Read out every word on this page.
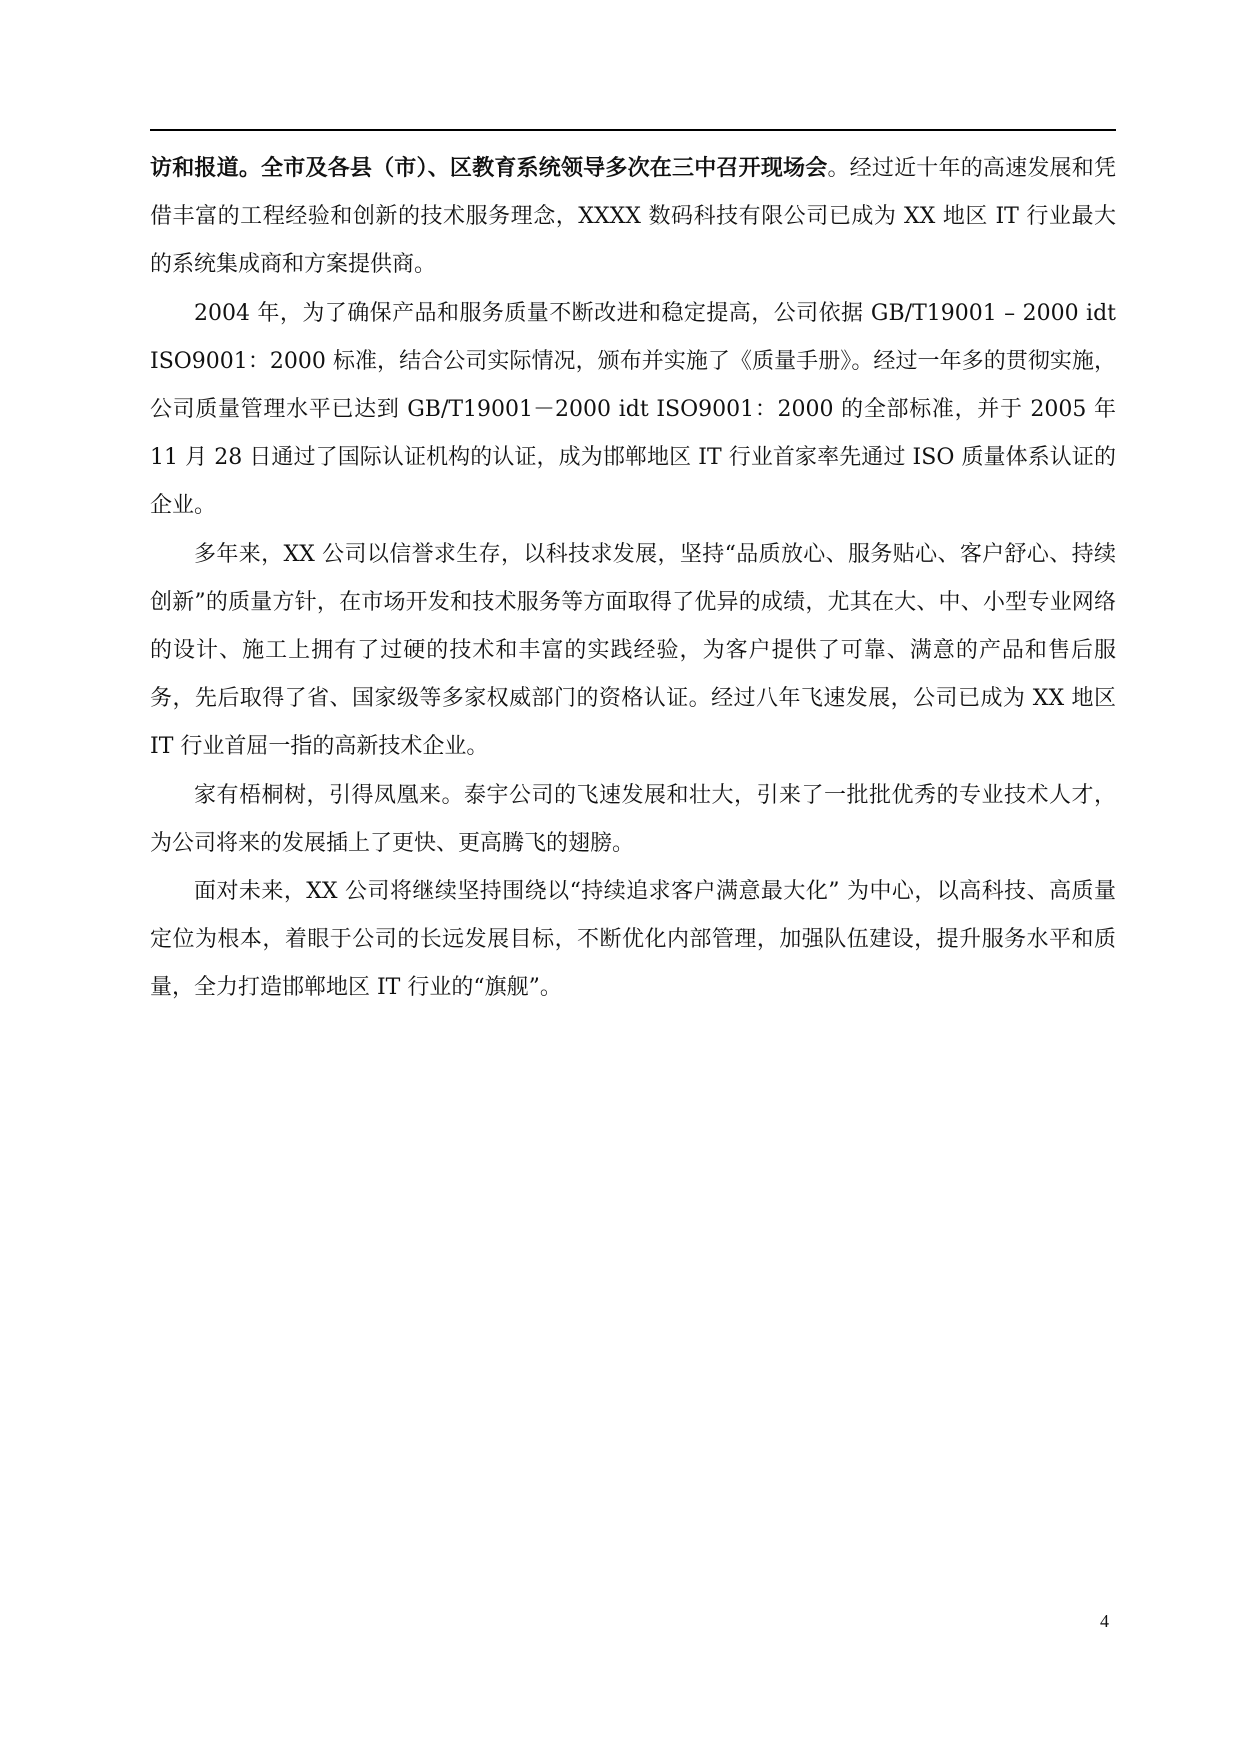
访和报道。全市及各县（市）、区教育系统领导多次在三中召开现场会。经过近十年的高速发展和凭借丰富的工程经验和创新的技术服务理念，XXXX 数码科技有限公司已成为 XX 地区 IT 行业最大的系统集成商和方案提供商。

2004 年，为了确保产品和服务质量不断改进和稳定提高，公司依据 GB/T19001 – 2000 idt ISO9001：2000 标准，结合公司实际情况，颁布并实施了《质量手册》。经过一年多的贯彻实施，公司质量管理水平已达到 GB/T19001－2000 idt ISO9001：2000 的全部标准，并于 2005 年 11 月 28 日通过了国际认证机构的认证，成为邯郸地区 IT 行业首家率先通过 ISO 质量体系认证的企业。

多年来，XX 公司以信誉求生存，以科技求发展，坚持“品质放心、服务贴心、客户舒心、持续创新”的质量方针，在市场开发和技术服务等方面取得了优异的成绩，尤其在大、中、小型专业网络的设计、施工上拥有了过硬的技术和丰富的实践经验，为客户提供了可靠、满意的产品和售后服务，先后取得了省、国家级等多家权威部门的资格认证。经过八年飞速发展，公司已成为 XX 地区 IT 行业首屈一指的高新技术企业。

家有梧桐树，引得凤凰来。泰宇公司的飞速发展和壮大，引来了一批批优秀的专业技术人才，为公司将来的发展插上了更快、更高腾飞的翅膀。

面对未来，XX 公司将继续坚持围绕以“持续追求客户满意最大化” 为中心，以高科技、高质量定位为根本，着眼于公司的长远发展目标，不断优化内部管理，加强队伍建设，提升服务水平和质量，全力打造邯郸地区 IT 行业的“旗舰”。

4
